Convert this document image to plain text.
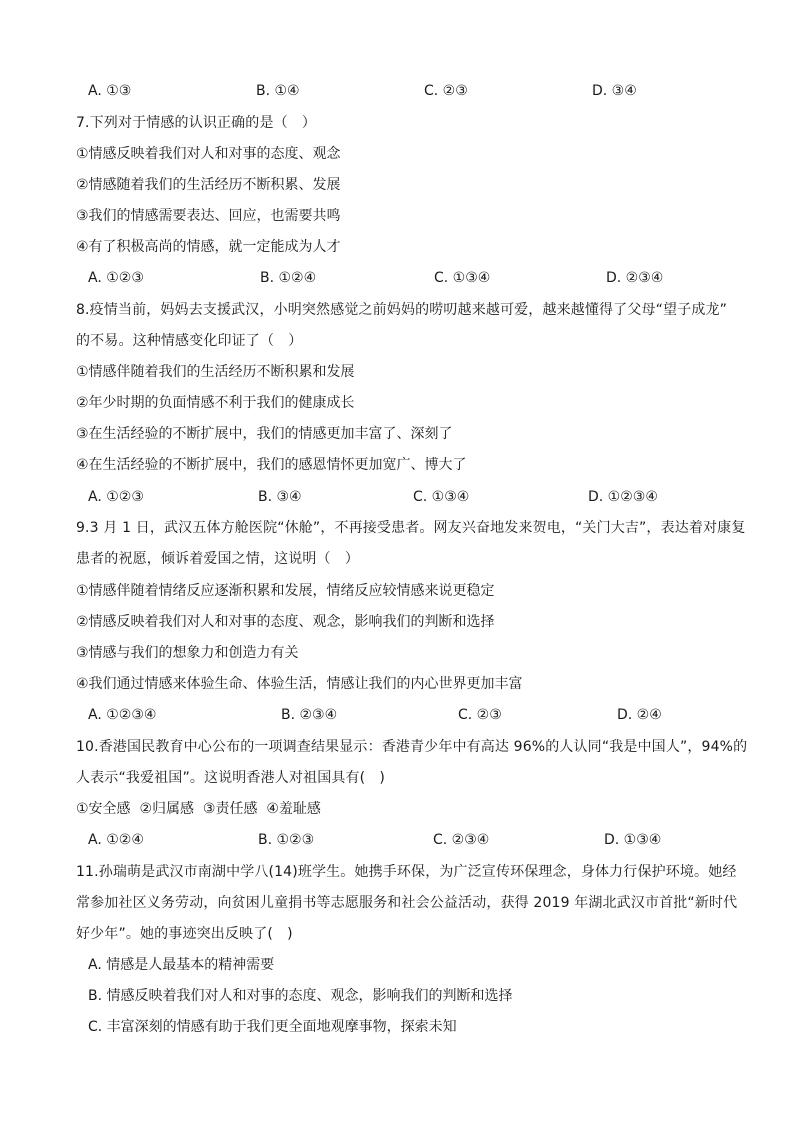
A. ①③	B. ①④	C. ②③	D. ③④
7.下列对于情感的认识正确的是（　）
①情感反映着我们对人和对事的态度、观念
②情感随着我们的生活经历不断积累、发展
③我们的情感需要表达、回应，也需要共鸣
④有了积极高尚的情感，就一定能成为人才
A. ①②③	B. ①②④	C. ①③④	D. ②③④
8.疫情当前，妈妈去支援武汉，小明突然感觉之前妈妈的唠叨越来越可爱，越来越懂得了父母“望子成龙”
的不易。这种情感变化印证了（　）
①情感伴随着我们的生活经历不断积累和发展
②年少时期的负面情感不利于我们的健康成长
③在生活经验的不断扩展中，我们的情感更加丰富了、深刻了
④在生活经验的不断扩展中，我们的感恩情怀更加宽广、博大了
A. ①②③	B. ③④	C. ①③④	D. ①②③④
9.3 月 1 日，武汉五体方舱医院“休舱”，不再接受患者。网友兴奋地发来贺电，“关门大吉”，表达着对康复
患者的祝愿，倾诉着爱国之情，这说明（　）
①情感伴随着情绪反应逐渐积累和发展，情绪反应较情感来说更稳定
②情感反映着我们对人和对事的态度、观念，影响我们的判断和选择
③情感与我们的想象力和创造力有关
④我们通过情感来体验生命、体验生活，情感让我们的内心世界更加丰富
A. ①②③④	B. ②③④	C. ②③	D. ②④
10.香港国民教育中心公布的一项调查结果显示：香港青少年中有高达 96%的人认同“我是中国人”，94%的
人表示“我爱祖国”。这说明香港人对祖国具有(　)
①安全感  ②归属感  ③责任感  ④羞耻感
A. ①②④	B. ①②③	C. ②③④	D. ①③④
11.孙瑞萌是武汉市南湖中学八(14)班学生。她携手环保，为广泛宣传环保理念，身体力行保护环境。她经
常参加社区义务劳动，向贫困儿童捐书等志愿服务和社会公益活动，获得 2019 年湖北武汉市首批“新时代
好少年”。她的事迹突出反映了(　)
A. 情感是人最基本的精神需要
B. 情感反映着我们对人和对事的态度、观念，影响我们的判断和选择
C. 丰富深刻的情感有助于我们更全面地观摩事物，探索未知
